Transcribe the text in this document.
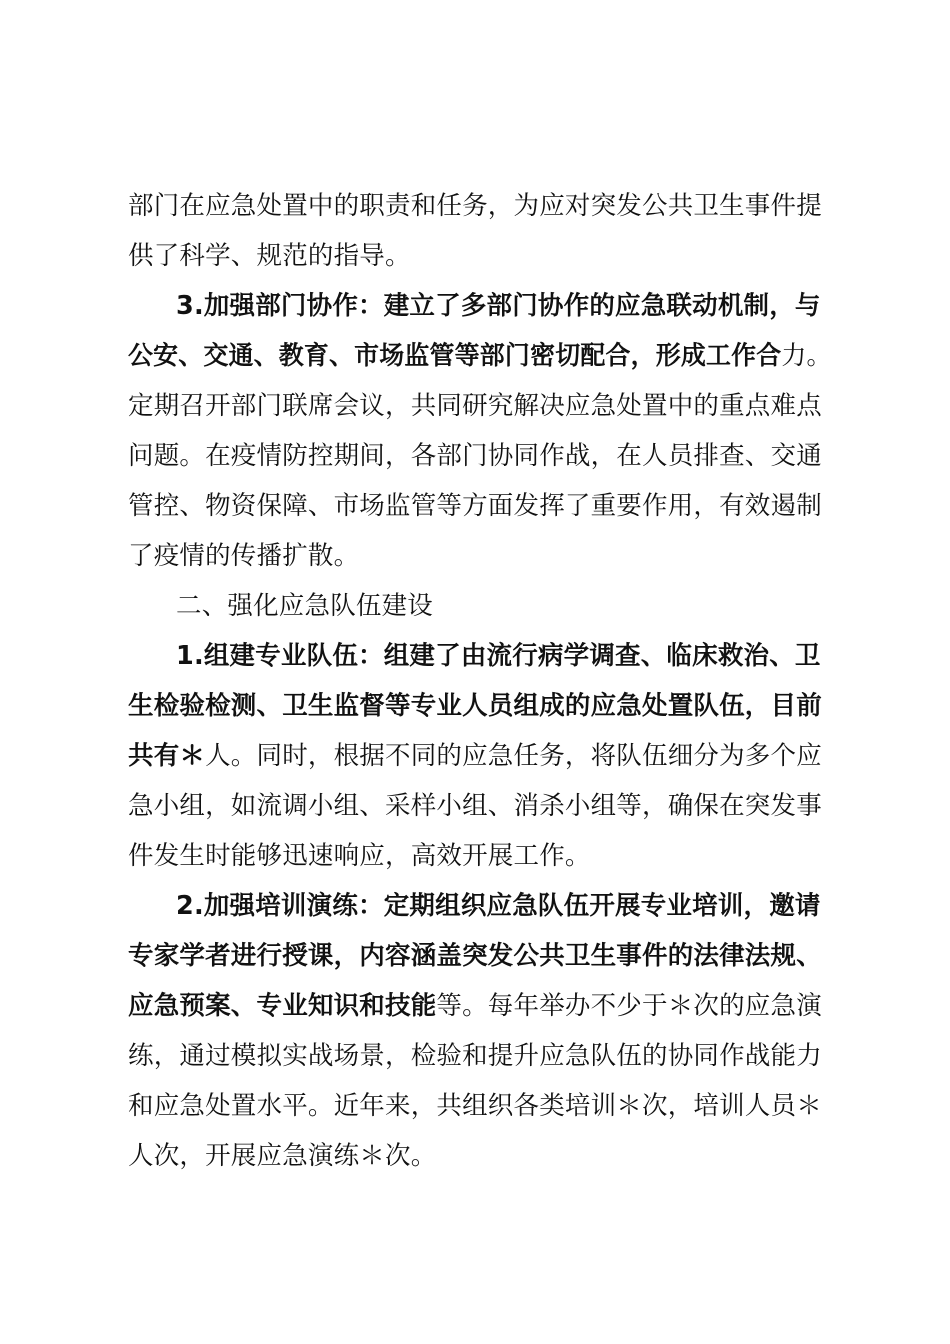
部门在应急处置中的职责和任务，为应对突发公共卫生事件提

供了科学、规范的指导。

3.加强部门协作：建立了多部门协作的应急联动机制，与

公安、交通、教育、市场监管等部门密切配合，形成工作合力。

定期召开部门联席会议，共同研究解决应急处置中的重点难点

问题。在疫情防控期间，各部门协同作战，在人员排查、交通

管控、物资保障、市场监管等方面发挥了重要作用，有效遏制

了疫情的传播扩散。

二、强化应急队伍建设

1.组建专业队伍：组建了由流行病学调查、临床救治、卫

生检验检测、卫生监督等专业人员组成的应急处置队伍，目前

共有＊人。同时，根据不同的应急任务，将队伍细分为多个应

急小组，如流调小组、采样小组、消杀小组等，确保在突发事

件发生时能够迅速响应，高效开展工作。

2.加强培训演练：定期组织应急队伍开展专业培训，邀请

专家学者进行授课，内容涵盖突发公共卫生事件的法律法规、

应急预案、专业知识和技能等。每年举办不少于＊次的应急演

练，通过模拟实战场景，检验和提升应急队伍的协同作战能力

和应急处置水平。近年来，共组织各类培训＊次，培训人员＊

人次，开展应急演练＊次。
